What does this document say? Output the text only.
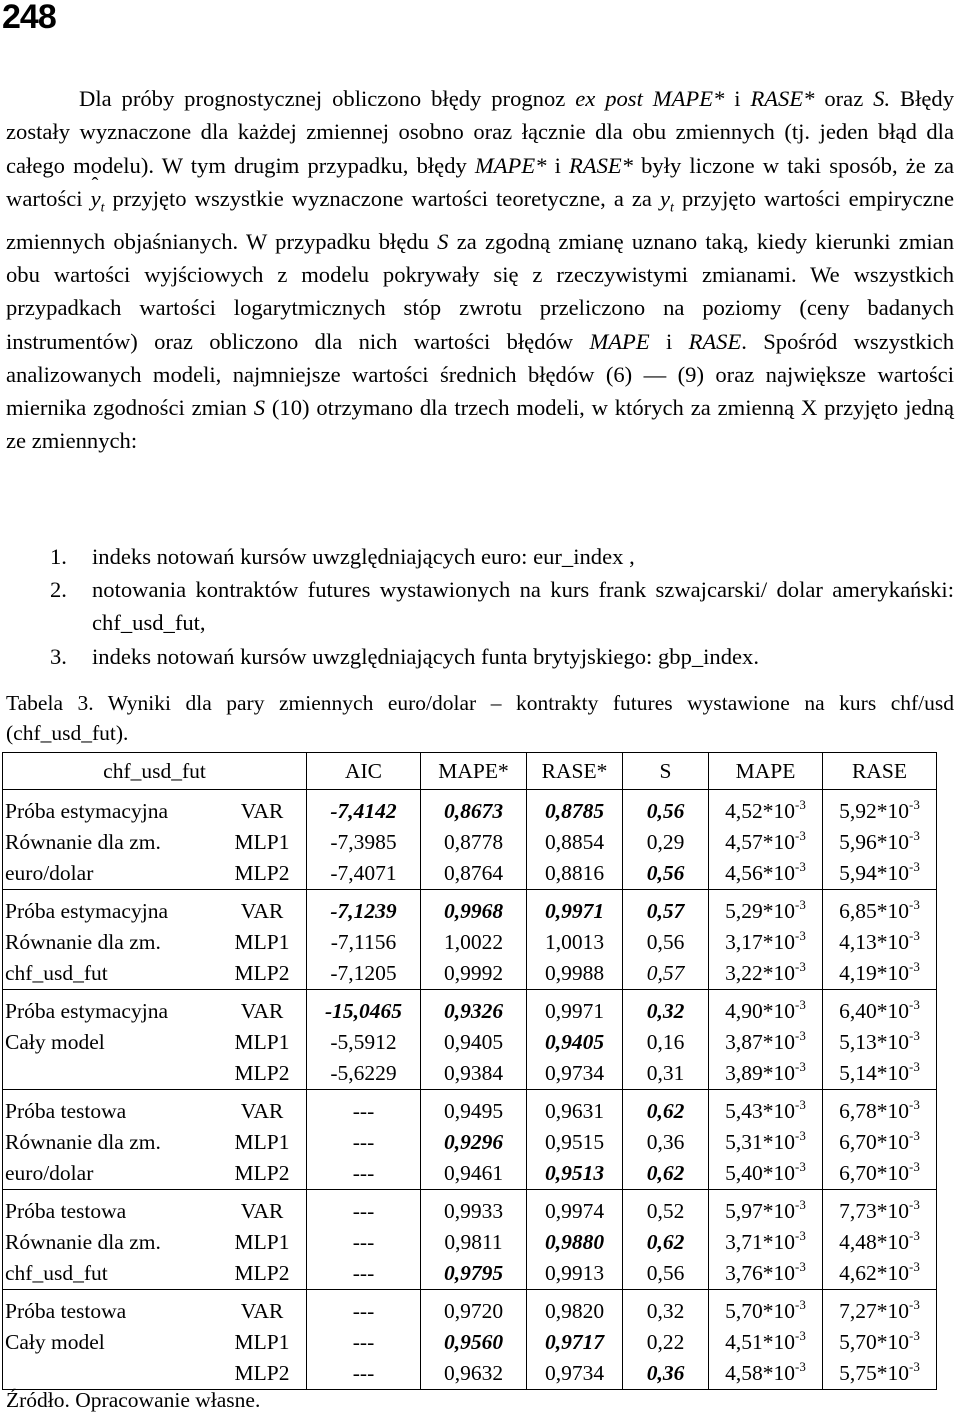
248

Dla próby prognostycznej obliczono błędy prognoz ex post MAPE* i RASE* oraz S. Błędy zostały wyznaczone dla każdej zmiennej osobno oraz łącznie dla obu zmiennych (tj. jeden błąd dla całego modelu). W tym drugim przypadku, błędy MAPE* i RASE* były liczone w taki sposób, że za wartości ˆ $y_t$ przyjęto wszystkie wyznaczone wartości teoretyczne, a za $y_t$ przyjęto wartości empiryczne zmiennych objaśnianych. W przypadku błędu S za zgodną zmianę uznano taką, kiedy kierunki zmian obu wartości wyjściowych z modelu pokrywały się z rzeczywistymi zmianami. We wszystkich przypadkach wartości logarytmicznych stóp zwrotu przeliczono na poziomy (ceny badanych instrumentów) oraz obliczono dla nich wartości błędów MAPE i RASE. Spośród wszystkich analizowanych modeli, najmniejsze wartości średnich błędów (6) — (9) oraz największe wartości miernika zgodności zmian S (10) otrzymano dla trzech modeli, w których za zmienną X przyjęto jedną ze zmiennych:

1. indeks notowań kursów uwzględniających euro: eur_index ,
2. notowania kontraktów futures wystawionych na kurs frank szwajcarski/ dolar amerykański: chf_usd_fut,
3. indeks notowań kursów uwzględniających funta brytyjskiego: gbp_index.

Tabela 3. Wyniki dla pary zmiennych euro/dolar – kontrakty futures wystawione na kurs chf/usd (chf_usd_fut).

chf_usd_fut	AIC	MAPE*	RASE*	S	MAPE	RASE
Próba estymacyjna VAR	-7,4142	0,8673	0,8785	0,56	$4,52*10^{-3}$	$5,92*10^{-3}$
Równanie dla zm. MLP1	-7,3985	0,8778	0,8854	0,29	$4,57*10^{-3}$	$5,96*10^{-3}$
euro/dolar MLP2	-7,4071	0,8764	0,8816	0,56	$4,56*10^{-3}$	$5,94*10^{-3}$
Próba estymacyjna VAR	-7,1239	0,9968	0,9971	0,57	$5,29*10^{-3}$	$6,85*10^{-3}$
Równanie dla zm. MLP1	-7,1156	1,0022	1,0013	0,56	$3,17*10^{-3}$	$4,13*10^{-3}$
chf_usd_fut MLP2	-7,1205	0,9992	0,9988	0,57	$3,22*10^{-3}$	$4,19*10^{-3}$
Próba estymacyjna VAR	-15,0465	0,9326	0,9971	0,32	$4,90*10^{-3}$	$6,40*10^{-3}$
Cały model MLP1	-5,5912	0,9405	0,9405	0,16	$3,87*10^{-3}$	$5,13*10^{-3}$
MLP2	-5,6229	0,9384	0,9734	0,31	$3,89*10^{-3}$	$5,14*10^{-3}$
Próba testowa VAR	---	0,9495	0,9631	0,62	$5,43*10^{-3}$	$6,78*10^{-3}$
Równanie dla zm. MLP1	---	0,9296	0,9515	0,36	$5,31*10^{-3}$	$6,70*10^{-3}$
euro/dolar MLP2	---	0,9461	0,9513	0,62	$5,40*10^{-3}$	$6,70*10^{-3}$
Próba testowa VAR	---	0,9933	0,9974	0,52	$5,97*10^{-3}$	$7,73*10^{-3}$
Równanie dla zm. MLP1	---	0,9811	0,9880	0,62	$3,71*10^{-3}$	$4,48*10^{-3}$
chf_usd_fut MLP2	---	0,9795	0,9913	0,56	$3,76*10^{-3}$	$4,62*10^{-3}$
Próba testowa VAR	---	0,9720	0,9820	0,32	$5,70*10^{-3}$	$7,27*10^{-3}$
Cały model MLP1	---	0,9560	0,9717	0,22	$4,51*10^{-3}$	$5,70*10^{-3}$
MLP2	---	0,9632	0,9734	0,36	$4,58*10^{-3}$	$5,75*10^{-3}$
Źródło. Opracowanie własne.
